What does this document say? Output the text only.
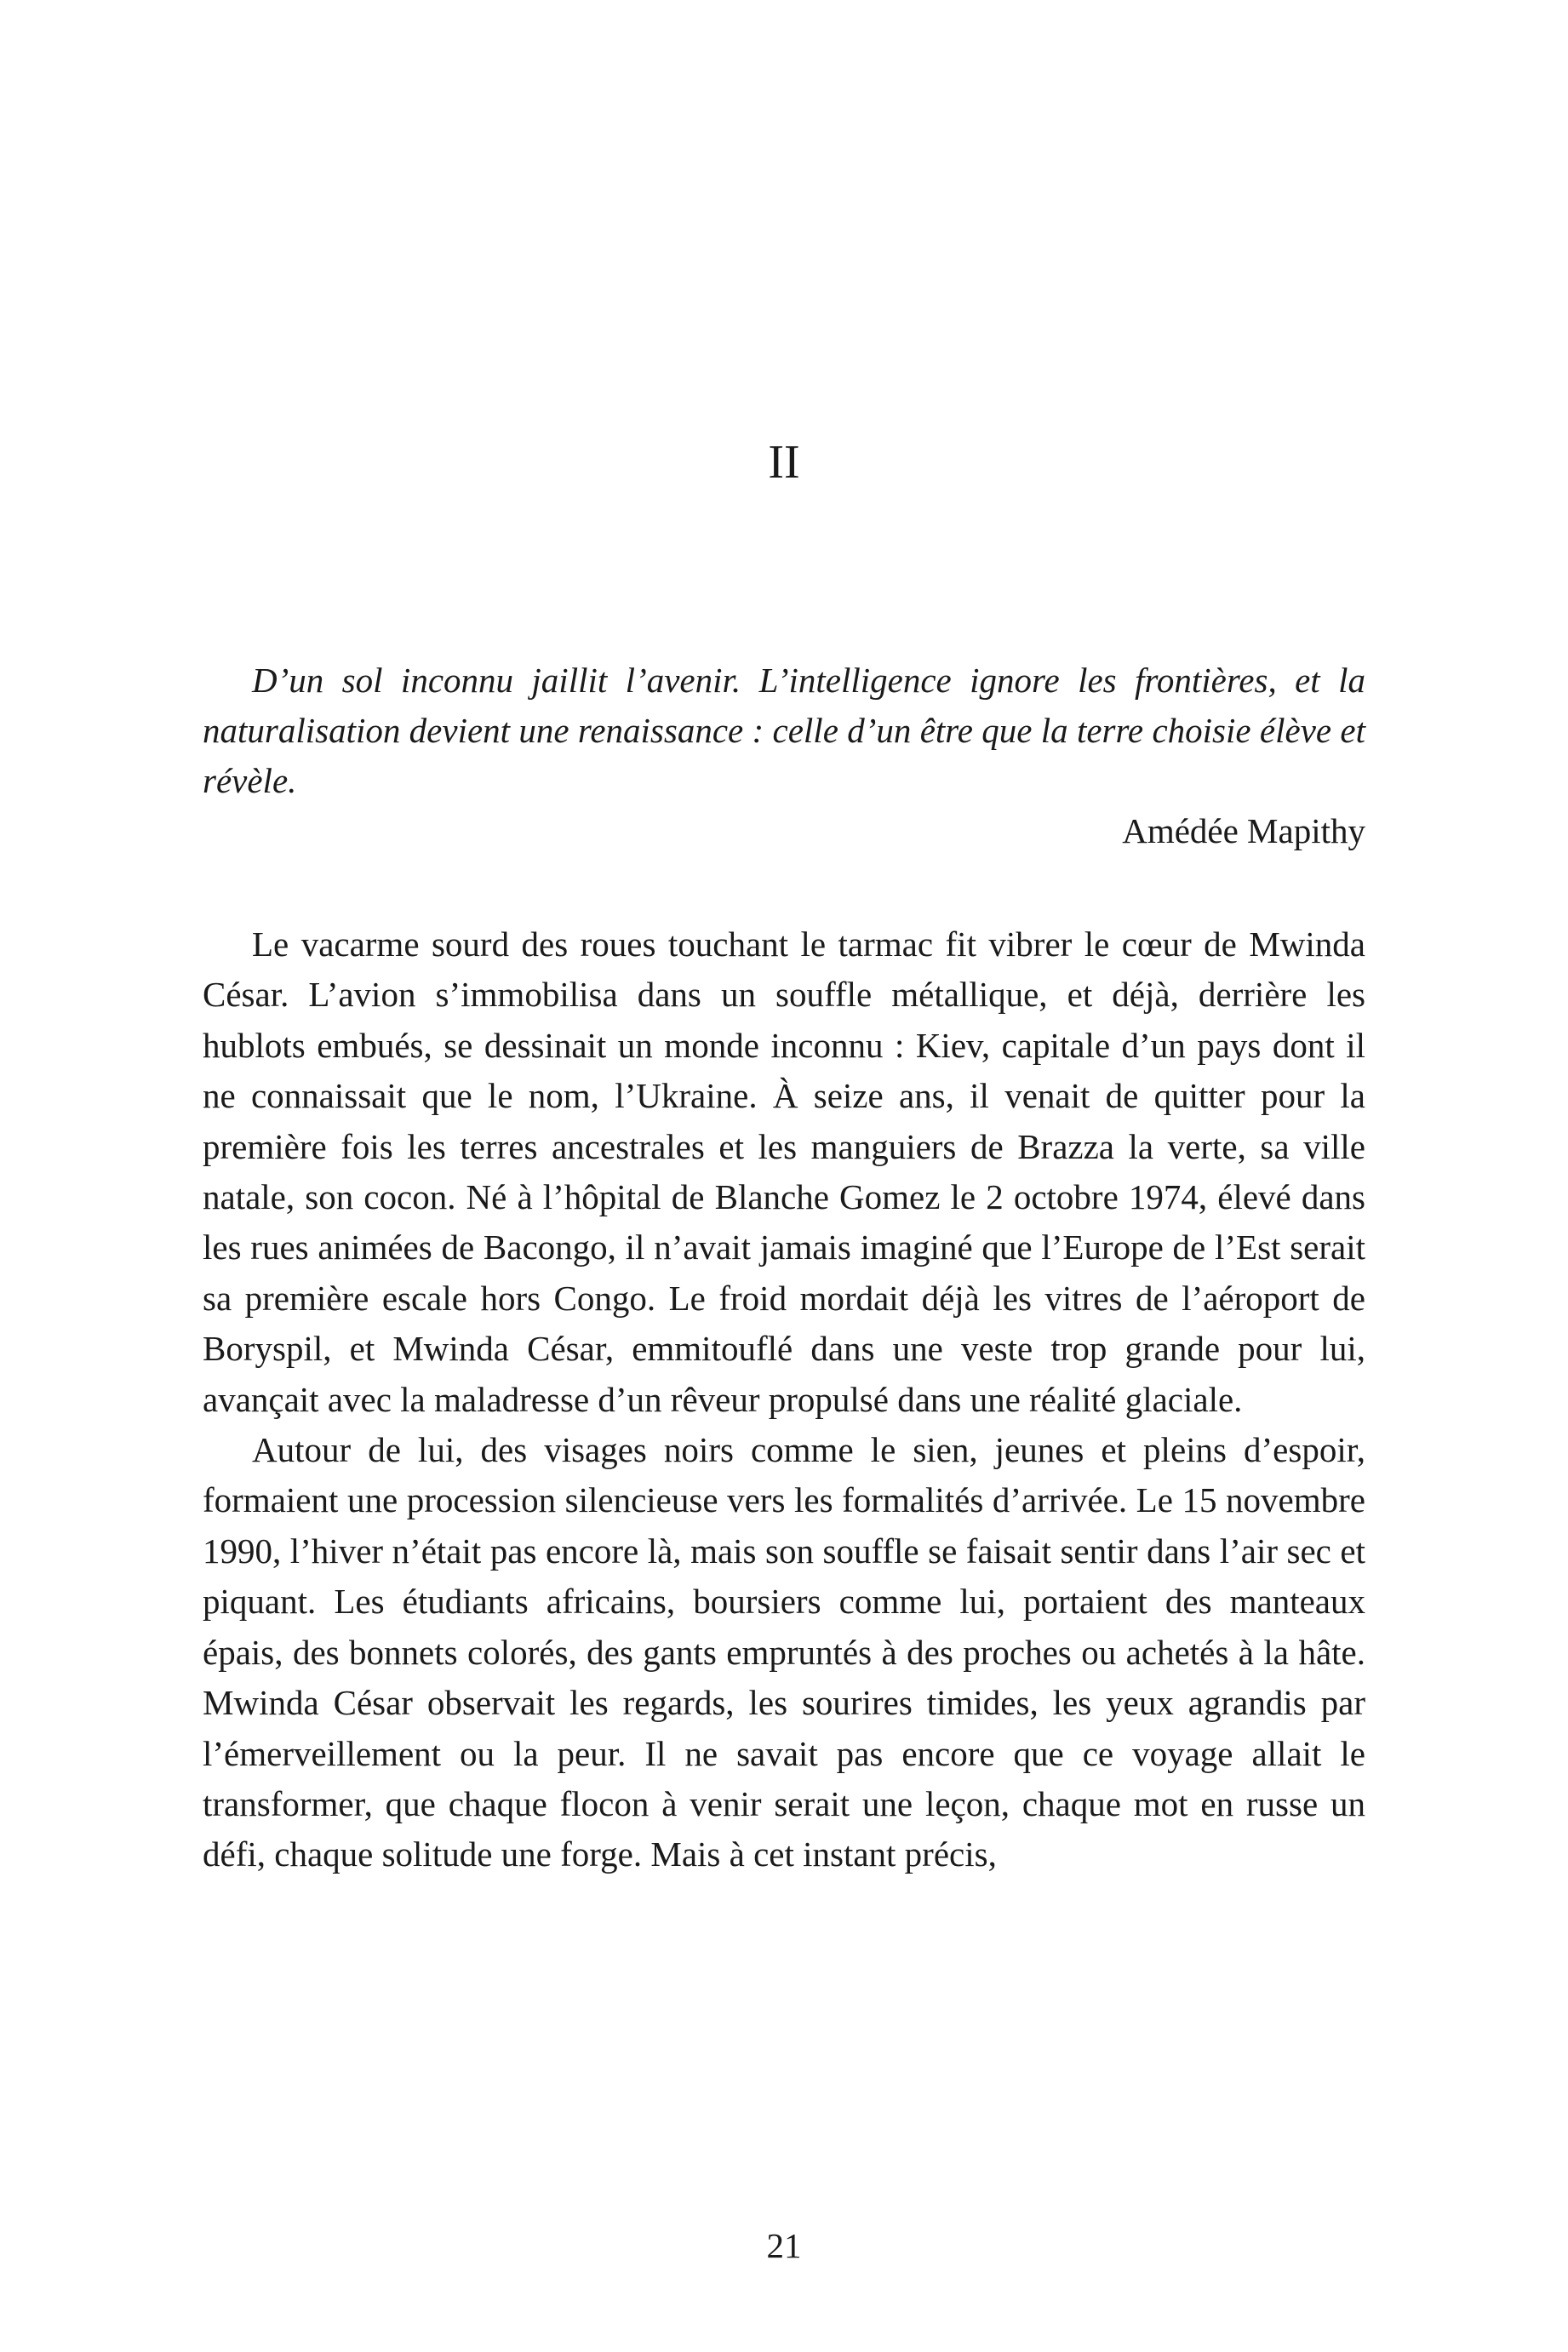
II

D’un sol inconnu jaillit l’avenir. L’intelligence ignore les frontières, et la naturalisation devient une renaissance : celle d’un être que la terre choisie élève et révèle.

Amédée Mapithy

Le vacarme sourd des roues touchant le tarmac fit vibrer le cœur de Mwinda César. L’avion s’immobilisa dans un souffle métallique, et déjà, derrière les hublots embués, se dessinait un monde inconnu : Kiev, capitale d’un pays dont il ne connaissait que le nom, l’Ukraine. À seize ans, il venait de quitter pour la première fois les terres ancestrales et les manguiers de Brazza la verte, sa ville natale, son cocon. Né à l’hôpital de Blanche Gomez le 2 octobre 1974, élevé dans les rues animées de Bacongo, il n’avait jamais imaginé que l’Europe de l’Est serait sa première escale hors Congo. Le froid mordait déjà les vitres de l’aéroport de Boryspil, et Mwinda César, emmitouflé dans une veste trop grande pour lui, avançait avec la maladresse d’un rêveur propulsé dans une réalité glaciale.

Autour de lui, des visages noirs comme le sien, jeunes et pleins d’espoir, formaient une procession silencieuse vers les formalités d’arrivée. Le 15 novembre 1990, l’hiver n’était pas encore là, mais son souffle se faisait sentir dans l’air sec et piquant. Les étudiants africains, boursiers comme lui, portaient des manteaux épais, des bonnets colorés, des gants empruntés à des proches ou achetés à la hâte. Mwinda César observait les regards, les sourires timides, les yeux agrandis par l’émerveillement ou la peur. Il ne savait pas encore que ce voyage allait le transformer, que chaque flocon à venir serait une leçon, chaque mot en russe un défi, chaque solitude une forge. Mais à cet instant précis,

21
